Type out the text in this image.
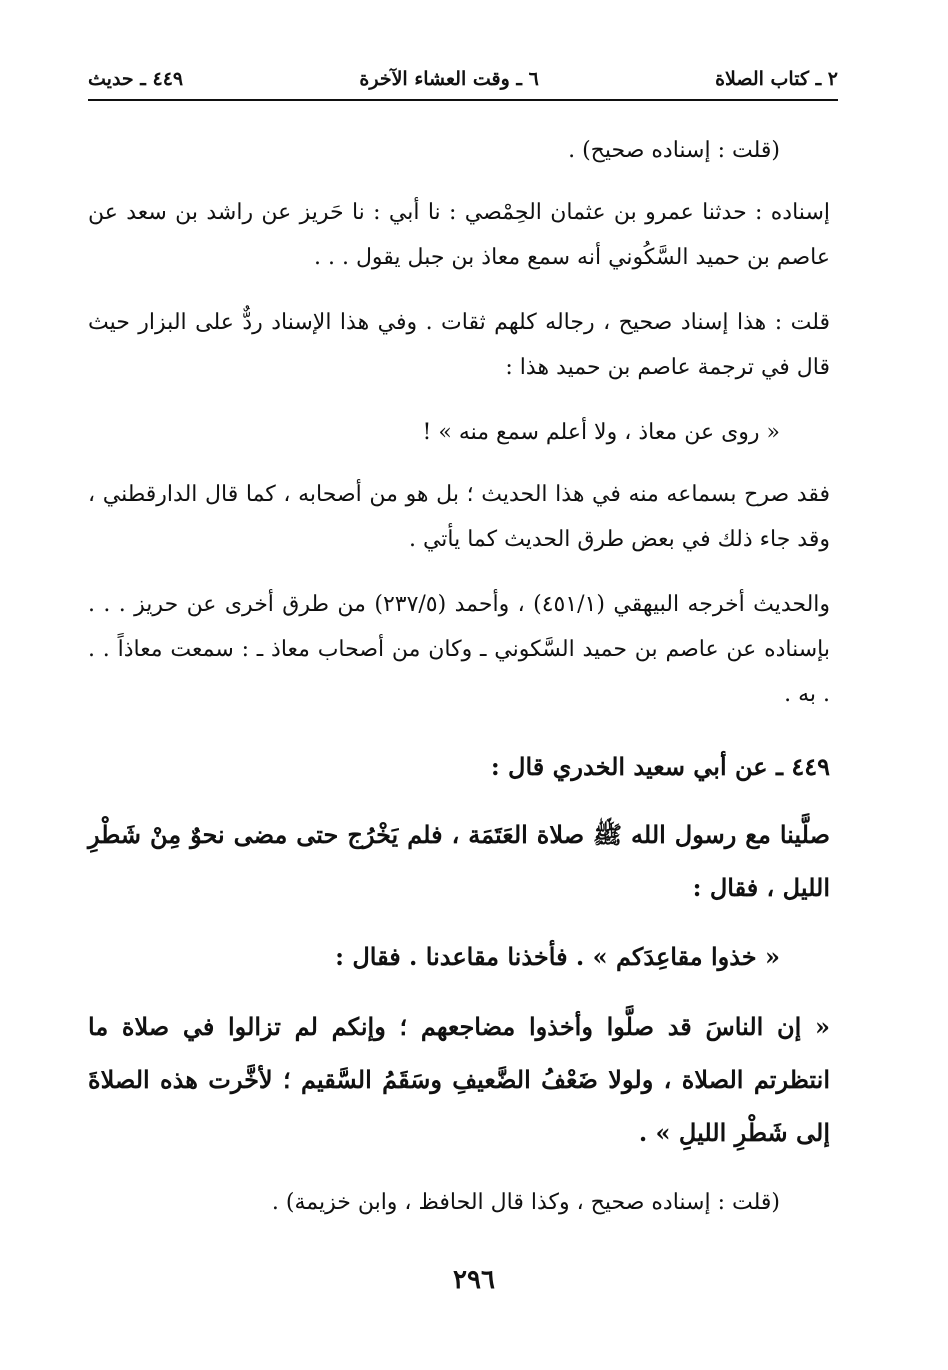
٢ ـ كتاب الصلاة
٦ ـ وقت العشاء الآخرة
٤٤٩ ـ حديث

(قلت : إسناده صحيح) .

إسناده : حدثنا عمرو بن عثمان الحِمْصي : نا أبي : نا حَريز عن راشد بن سعد عن عاصم بن حميد السَّكُوني أنه سمع معاذ بن جبل يقول . . .

قلت : هذا إسناد صحيح ، رجاله كلهم ثقات . وفي هذا الإسناد ردٌّ على البزار حيث قال في ترجمة عاصم بن حميد هذا :

« روى عن معاذ ، ولا أعلم سمع منه » !

فقد صرح بسماعه منه في هذا الحديث ؛ بل هو من أصحابه ، كما قال الدارقطني ، وقد جاء ذلك في بعض طرق الحديث كما يأتي .

والحديث أخرجه البيهقي (٤٥١/١) ، وأحمد (٢٣٧/٥) من طرق أخرى عن حريز . . . بإسناده عن عاصم بن حميد السَّكوني ـ وكان من أصحاب معاذ ـ : سمعت معاذاً . . . به .

٤٤٩ ـ عن أبي سعيد الخدري قال :

صلَّينا مع رسول الله ﷺ صلاة العَتَمَة ، فلم يَخْرُج حتى مضى نحوٌ مِنْ شَطْرِ الليل ، فقال :

« خذوا مقاعِدَكم » . فأخذنا مقاعدنا . فقال :

« إن الناسَ قد صلَّوا وأخذوا مضاجعهم ؛ وإنكم لم تزالوا في صلاة ما انتظرتم الصلاة ، ولولا ضَعْفُ الضَّعيفِ وسَقَمُ السَّقيم ؛ لأخَّرت هذه الصلاةَ إلى شَطْرِ الليلِ » .

(قلت : إسناده صحيح ، وكذا قال الحافظ ، وابن خزيمة) .

٢٩٦
